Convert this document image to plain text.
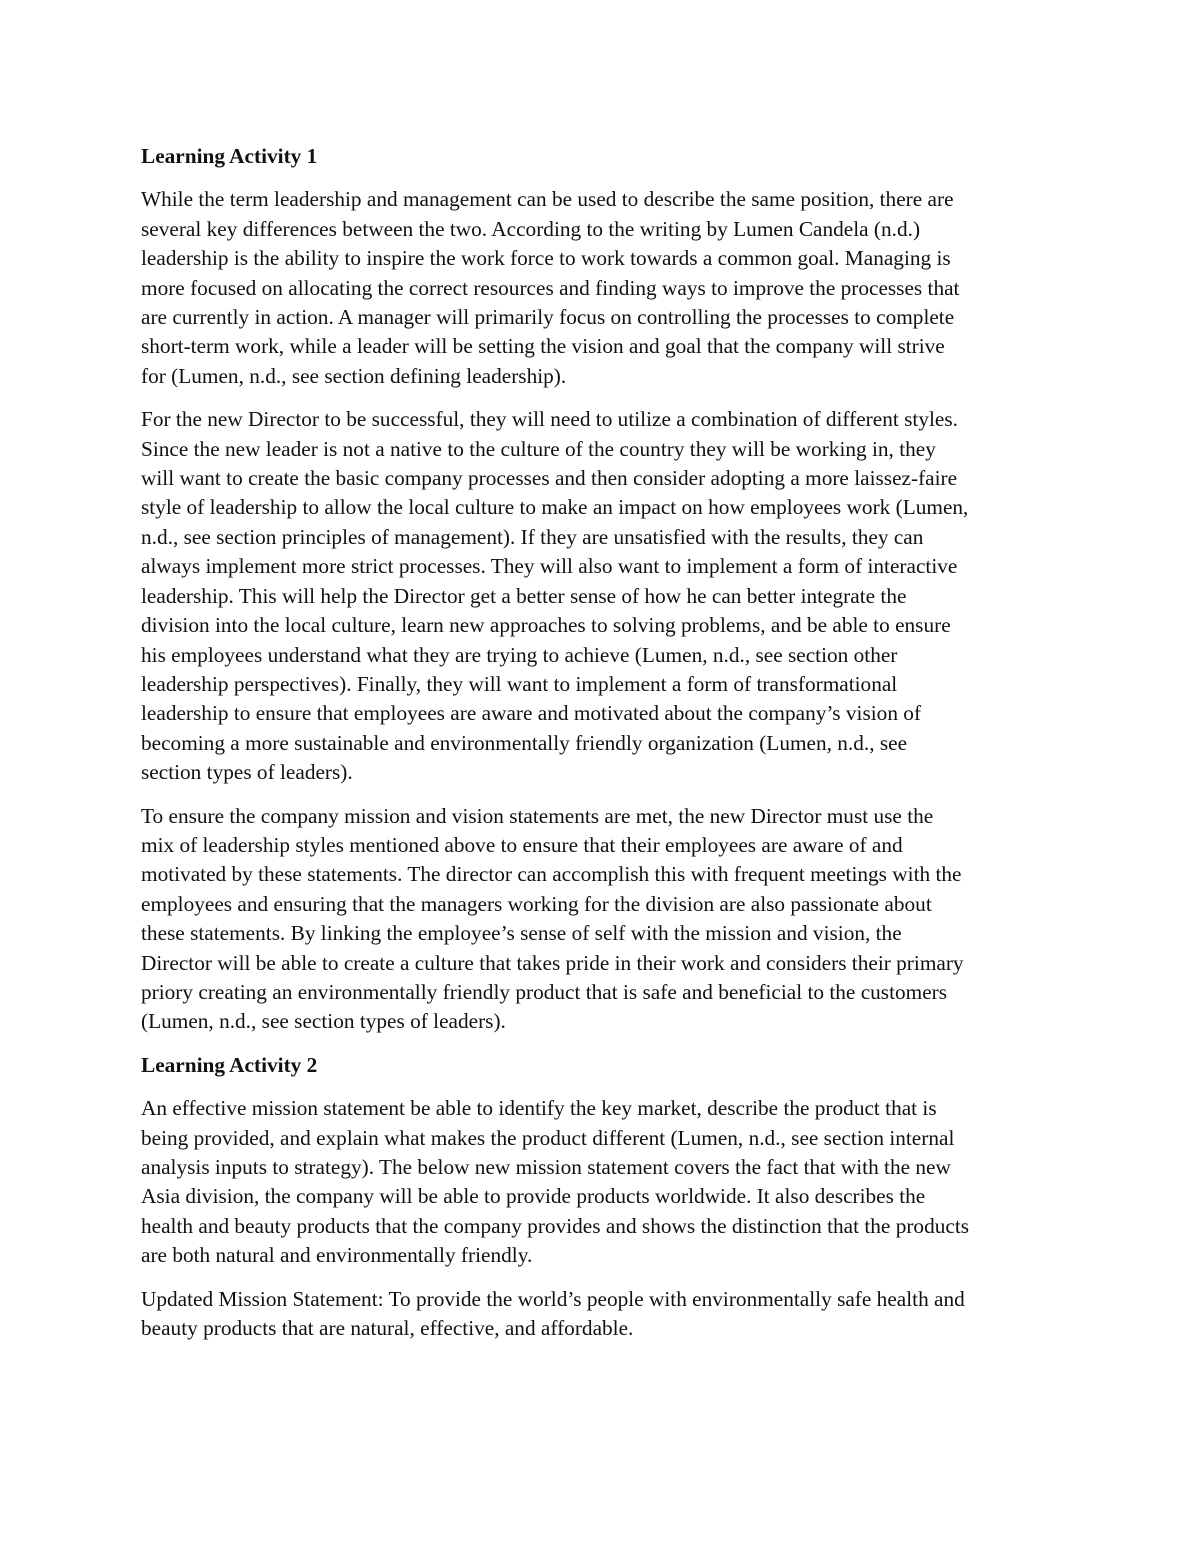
Learning Activity 1
While the term leadership and management can be used to describe the same position, there are
several key differences between the two. According to the writing by Lumen Candela (n.d.)
leadership is the ability to inspire the work force to work towards a common goal. Managing is
more focused on allocating the correct resources and finding ways to improve the processes that
are currently in action. A manager will primarily focus on controlling the processes to complete
short-term work, while a leader will be setting the vision and goal that the company will strive
for (Lumen, n.d., see section defining leadership).
For the new Director to be successful, they will need to utilize a combination of different styles.
Since the new leader is not a native to the culture of the country they will be working in, they
will want to create the basic company processes and then consider adopting a more laissez-faire
style of leadership to allow the local culture to make an impact on how employees work (Lumen,
n.d., see section principles of management). If they are unsatisfied with the results, they can
always implement more strict processes. They will also want to implement a form of interactive
leadership. This will help the Director get a better sense of how he can better integrate the
division into the local culture, learn new approaches to solving problems, and be able to ensure
his employees understand what they are trying to achieve (Lumen, n.d., see section other
leadership perspectives). Finally, they will want to implement a form of transformational
leadership to ensure that employees are aware and motivated about the company’s vision of
becoming a more sustainable and environmentally friendly organization (Lumen, n.d., see
section types of leaders).
To ensure the company mission and vision statements are met, the new Director must use the
mix of leadership styles mentioned above to ensure that their employees are aware of and
motivated by these statements. The director can accomplish this with frequent meetings with the
employees and ensuring that the managers working for the division are also passionate about
these statements. By linking the employee’s sense of self with the mission and vision, the
Director will be able to create a culture that takes pride in their work and considers their primary
priory creating an environmentally friendly product that is safe and beneficial to the customers
(Lumen, n.d., see section types of leaders).
Learning Activity 2
An effective mission statement be able to identify the key market, describe the product that is
being provided, and explain what makes the product different (Lumen, n.d., see section internal
analysis inputs to strategy). The below new mission statement covers the fact that with the new
Asia division, the company will be able to provide products worldwide. It also describes the
health and beauty products that the company provides and shows the distinction that the products
are both natural and environmentally friendly.
Updated Mission Statement: To provide the world’s people with environmentally safe health and
beauty products that are natural, effective, and affordable.
